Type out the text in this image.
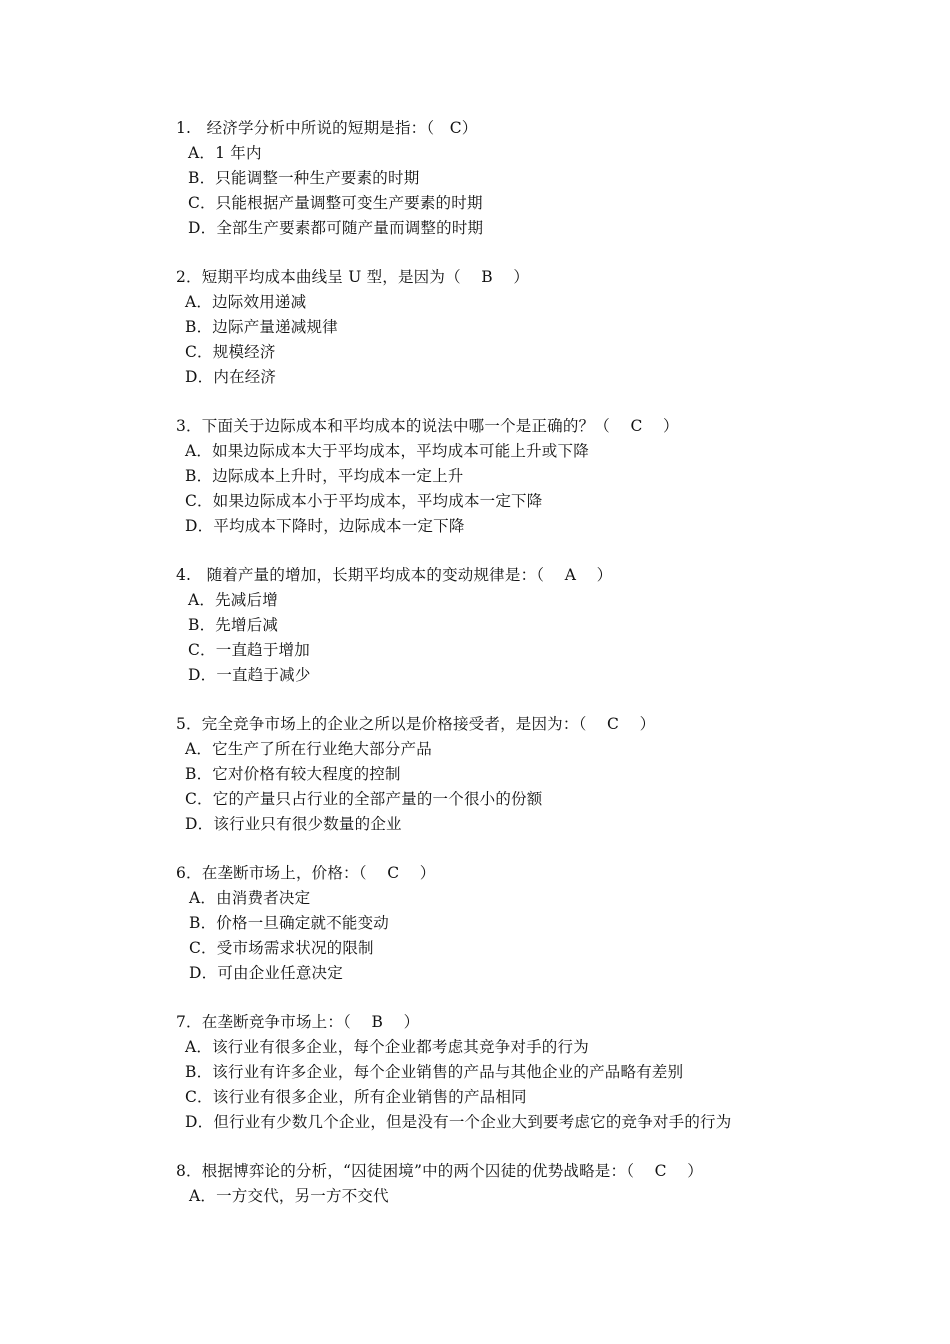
1.   经济学分析中所说的短期是指：（   C）
A．1 年内
B．只能调整一种生产要素的时期
C．只能根据产量调整可变生产要素的时期
D．全部生产要素都可随产量而调整的时期
2．短期平均成本曲线呈 U 型，是因为（    B    ）
A．边际效用递减
B．边际产量递减规律
C．规模经济
D．内在经济
3．下面关于边际成本和平均成本的说法中哪一个是正确的？（    C    ）
A．如果边际成本大于平均成本，平均成本可能上升或下降
B．边际成本上升时，平均成本一定上升
C．如果边际成本小于平均成本，平均成本一定下降
D．平均成本下降时，边际成本一定下降
4.   随着产量的增加，长期平均成本的变动规律是：（    A    ）
A．先减后增
B．先增后减
C．一直趋于增加
D．一直趋于减少
5．完全竞争市场上的企业之所以是价格接受者，是因为：（    C    ）
A．它生产了所在行业绝大部分产品
B．它对价格有较大程度的控制
C．它的产量只占行业的全部产量的一个很小的份额
D．该行业只有很少数量的企业
6．在垄断市场上，价格：（    C    ）
A．由消费者决定
B．价格一旦确定就不能变动
C．受市场需求状况的限制
D．可由企业任意决定
7．在垄断竞争市场上：（    B    ）
A．该行业有很多企业，每个企业都考虑其竞争对手的行为
B．该行业有许多企业，每个企业销售的产品与其他企业的产品略有差别
C．该行业有很多企业，所有企业销售的产品相同
D．但行业有少数几个企业，但是没有一个企业大到要考虑它的竞争对手的行为
8．根据博弈论的分析，“囚徒困境”中的两个囚徒的优势战略是：（    C    ）
A．一方交代，另一方不交代
